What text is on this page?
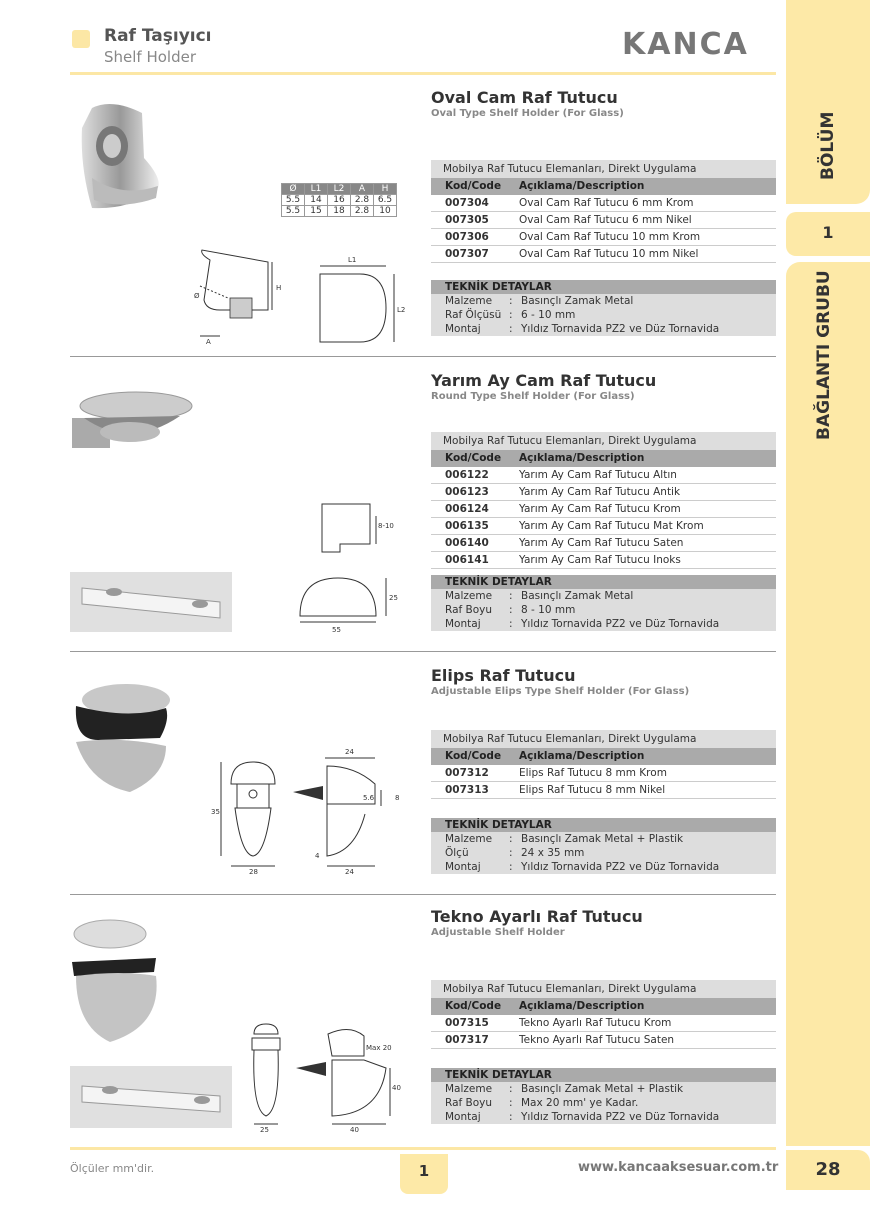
Raf Taşıyıcı
Shelf Holder	KANCA
BÖLÜM
1
BAĞLANTI GRUBU
Oval Cam Raf Tutucu
Oval Type Shelf Holder (For Glass)
Ø	L1	L2	A	H
5.5	14	16	2.8	6.5
5.5	15	18	2.8	10
H
Ø
A
L1
L2
Mobilya Raf Tutucu Elemanları, Direkt Uygulama
Kod/Code	Açıklama/Description
007304	Oval Cam Raf Tutucu 6 mm Krom
007305	Oval Cam Raf Tutucu 6 mm Nikel
007306	Oval Cam Raf Tutucu 10 mm Krom
007307	Oval Cam Raf Tutucu 10 mm Nikel
TEKNİK DETAYLAR
Malzeme	: Basınçlı Zamak Metal
Raf Ölçüsü : 6 - 10 mm
Montaj	: Yıldız Tornavida PZ2 ve Düz Tornavida
Yarım Ay Cam Raf Tutucu
Round Type Shelf Holder (For Glass)
8-10
25
55
Mobilya Raf Tutucu Elemanları, Direkt Uygulama
Kod/Code	Açıklama/Description
006122	Yarım Ay Cam Raf Tutucu Altın
006123	Yarım Ay Cam Raf Tutucu Antik
006124	Yarım Ay Cam Raf Tutucu Krom
006135	Yarım Ay Cam Raf Tutucu Mat Krom
006140	Yarım Ay Cam Raf Tutucu Saten
006141	Yarım Ay Cam Raf Tutucu Inoks
TEKNİK DETAYLAR
Malzeme	: Basınçlı Zamak Metal
Raf Boyu	: 8 - 10 mm
Montaj	: Yıldız Tornavida PZ2 ve Düz Tornavida
Elips Raf Tutucu
Adjustable Elips Type Shelf Holder (For Glass)
35
28
24
5.6	8
4
24
Mobilya Raf Tutucu Elemanları, Direkt Uygulama
Kod/Code	Açıklama/Description
007312	Elips Raf Tutucu 8 mm Krom
007313	Elips Raf Tutucu 8 mm Nikel
TEKNİK DETAYLAR
Malzeme	: Basınçlı Zamak Metal + Plastik
Ölçü	: 24 x 35 mm
Montaj	: Yıldız Tornavida PZ2 ve Düz Tornavida
Tekno Ayarlı Raf Tutucu
Adjustable Shelf Holder
25
Max 20
40
40
Mobilya Raf Tutucu Elemanları, Direkt Uygulama
Kod/Code	Açıklama/Description
007315	Tekno Ayarlı Raf Tutucu Krom
007317	Tekno Ayarlı Raf Tutucu Saten
TEKNİK DETAYLAR
Malzeme	: Basınçlı Zamak Metal + Plastik
Raf Boyu	: Max 20 mm' ye Kadar.
Montaj	: Yıldız Tornavida PZ2 ve Düz Tornavida
Ölçüler mm'dir.	1	www.kancaaksesuar.com.tr	28
